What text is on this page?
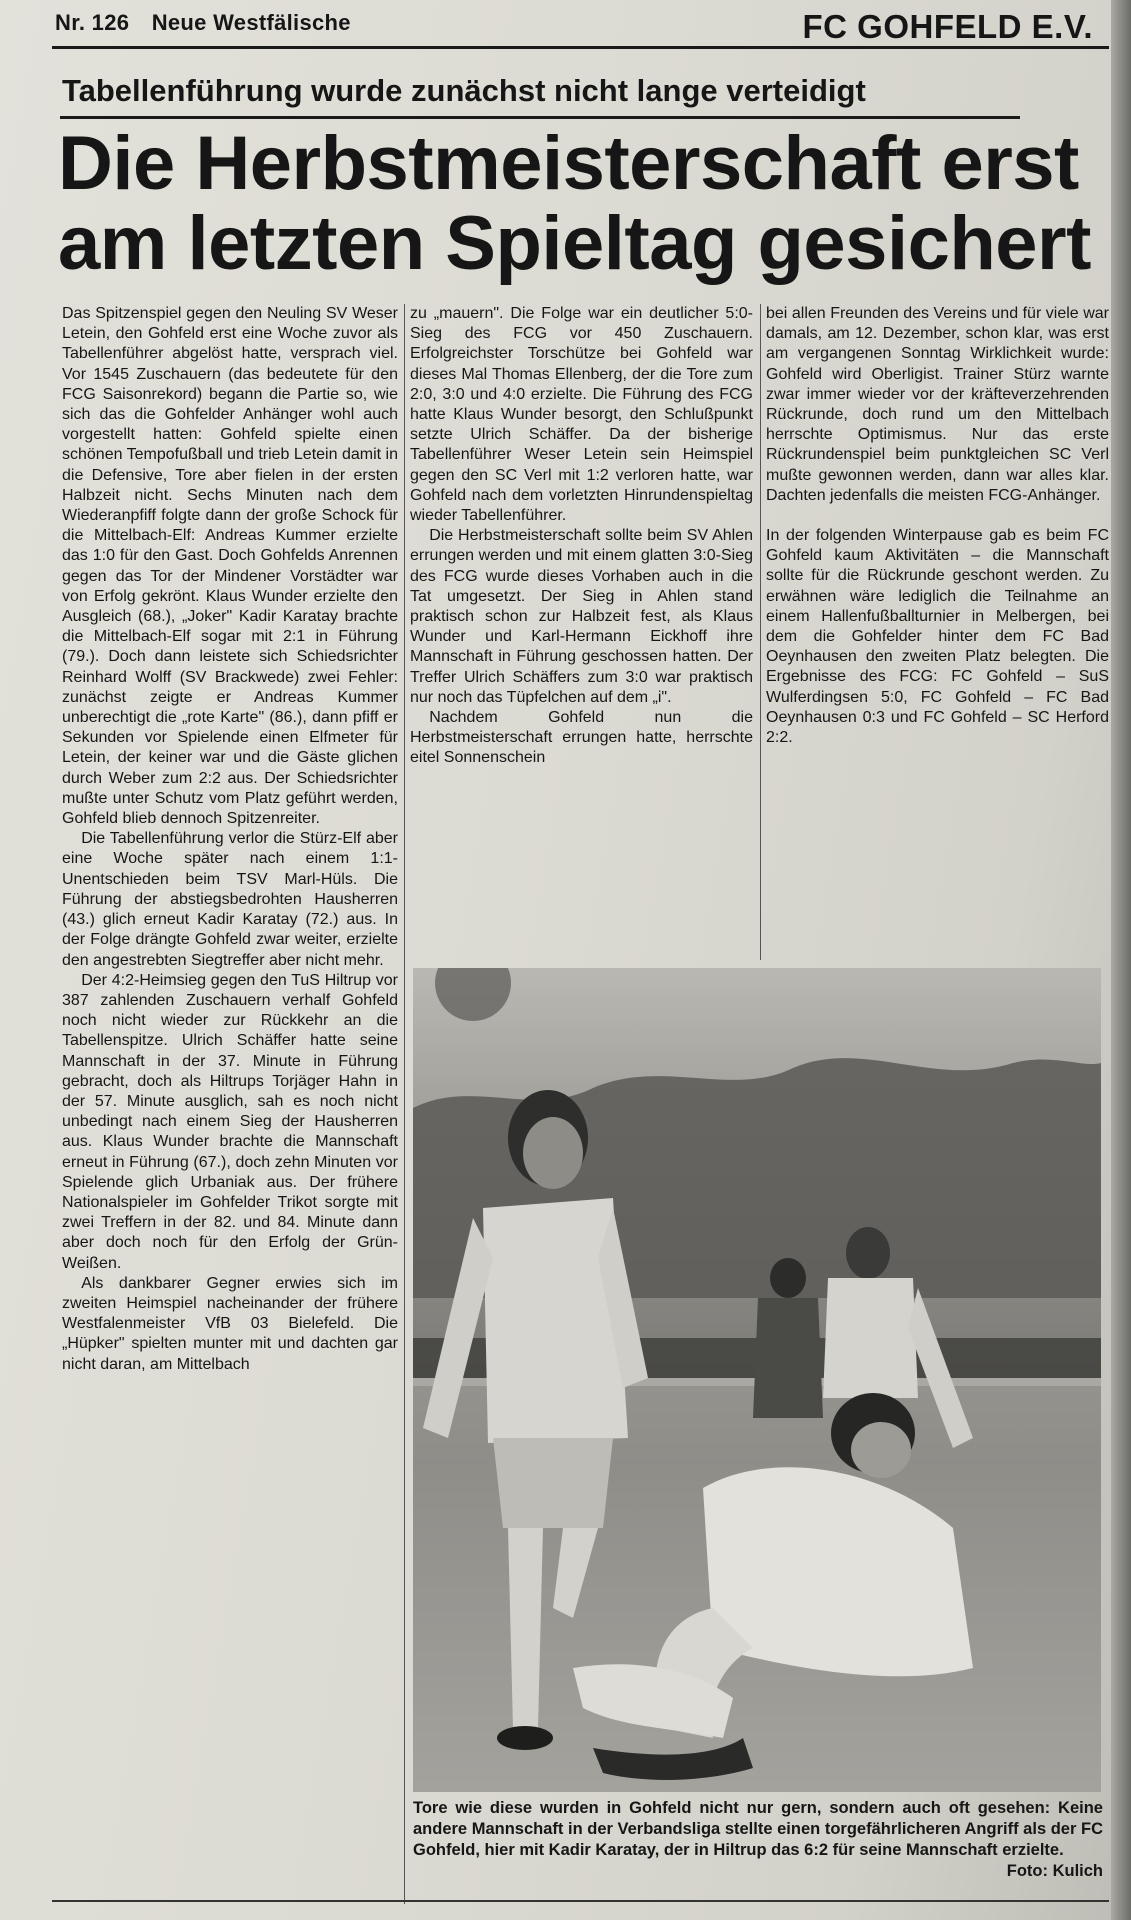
Nr. 126 Neue Westfälische	FC GOHFELD E.V.
Tabellenführung wurde zunächst nicht lange verteidigt
Die Herbstmeisterschaft erst
am letzten Spieltag gesichert

Das Spitzenspiel gegen den Neuling SV Weser Letein, den Gohfeld erst eine Woche zuvor als Tabellenführer abgelöst hatte, versprach viel. Vor 1545 Zuschauern (das bedeutete für den FCG Saisonrekord) begann die Partie so, wie sich das die Gohfelder Anhänger wohl auch vorgestellt hatten: Gohfeld spielte einen schönen Tempofußball und trieb Letein damit in die Defensive, Tore aber fielen in der ersten Halbzeit nicht. Sechs Minuten nach dem Wiederanpfiff folgte dann der große Schock für die Mittelbach-Elf: Andreas Kummer erzielte das 1:0 für den Gast. Doch Gohfelds Anrennen gegen das Tor der Mindener Vorstädter war von Erfolg gekrönt. Klaus Wunder erzielte den Ausgleich (68.), „Joker" Kadir Karatay brachte die Mittelbach-Elf sogar mit 2:1 in Führung (79.). Doch dann leistete sich Schiedsrichter Reinhard Wolff (SV Brackwede) zwei Fehler: zunächst zeigte er Andreas Kummer unberechtigt die „rote Karte" (86.), dann pfiff er Sekunden vor Spielende einen Elfmeter für Letein, der keiner war und die Gäste glichen durch Weber zum 2:2 aus. Der Schiedsrichter mußte unter Schutz vom Platz geführt werden, Gohfeld blieb dennoch Spitzenreiter.

Die Tabellenführung verlor die Stürz-Elf aber eine Woche später nach einem 1:1-Unentschieden beim TSV Marl-Hüls. Die Führung der abstiegsbedrohten Hausherren (43.) glich erneut Kadir Karatay (72.) aus. In der Folge drängte Gohfeld zwar weiter, erzielte den angestrebten Siegtreffer aber nicht mehr.

Der 4:2-Heimsieg gegen den TuS Hiltrup vor 387 zahlenden Zuschauern verhalf Gohfeld noch nicht wieder zur Rückkehr an die Tabellenspitze. Ulrich Schäffer hatte seine Mannschaft in der 37. Minute in Führung gebracht, doch als Hiltrups Torjäger Hahn in der 57. Minute ausglich, sah es noch nicht unbedingt nach einem Sieg der Hausherren aus. Klaus Wunder brachte die Mannschaft erneut in Führung (67.), doch zehn Minuten vor Spielende glich Urbaniak aus. Der frühere Nationalspieler im Gohfelder Trikot sorgte mit zwei Treffern in der 82. und 84. Minute dann aber doch noch für den Erfolg der Grün-Weißen.

Als dankbarer Gegner erwies sich im zweiten Heimspiel nacheinander der frühere Westfalenmeister VfB 03 Bielefeld. Die „Hüpker" spielten munter mit und dachten gar nicht daran, am Mittelbach

zu „mauern". Die Folge war ein deutlicher 5:0-Sieg des FCG vor 450 Zuschauern. Erfolgreichster Torschütze bei Gohfeld war dieses Mal Thomas Ellenberg, der die Tore zum 2:0, 3:0 und 4:0 erzielte. Die Führung des FCG hatte Klaus Wunder besorgt, den Schlußpunkt setzte Ulrich Schäffer. Da der bisherige Tabellenführer Weser Letein sein Heimspiel gegen den SC Verl mit 1:2 verloren hatte, war Gohfeld nach dem vorletzten Hinrundenspieltag wieder Tabellenführer.

Die Herbstmeisterschaft sollte beim SV Ahlen errungen werden und mit einem glatten 3:0-Sieg des FCG wurde dieses Vorhaben auch in die Tat umgesetzt. Der Sieg in Ahlen stand praktisch schon zur Halbzeit fest, als Klaus Wunder und Karl-Hermann Eickhoff ihre Mannschaft in Führung geschossen hatten. Der Treffer Ulrich Schäffers zum 3:0 war praktisch nur noch das Tüpfelchen auf dem „i".

Nachdem Gohfeld nun die Herbstmeisterschaft errungen hatte, herrschte eitel Sonnenschein

bei allen Freunden des Vereins und für viele war damals, am 12. Dezember, schon klar, was erst am vergangenen Sonntag Wirklichkeit wurde: Gohfeld wird Oberligist. Trainer Stürz warnte zwar immer wieder vor der kräfteverzehrenden Rückrunde, doch rund um den Mittelbach herrschte Optimismus. Nur das erste Rückrundenspiel beim punktgleichen SC Verl mußte gewonnen werden, dann war alles klar. Dachten jedenfalls die meisten FCG-Anhänger.

In der folgenden Winterpause gab es beim FC Gohfeld kaum Aktivitäten – die Mannschaft sollte für die Rückrunde geschont werden. Zu erwähnen wäre lediglich die Teilnahme an einem Hallenfußballturnier in Melbergen, bei dem die Gohfelder hinter dem FC Bad Oeynhausen den zweiten Platz belegten. Die Ergebnisse des FCG: FC Gohfeld – SuS Wulferdingsen 5:0, FC Gohfeld – FC Bad Oeynhausen 0:3 und FC Gohfeld – SC Herford 2:2.

Tore wie diese wurden in Gohfeld nicht nur gern, sondern auch oft gesehen: Keine andere Mannschaft in der Verbandsliga stellte einen torgefährlicheren Angriff als der FC Gohfeld, hier mit Kadir Karatay, der in Hiltrup das 6:2 für seine Mannschaft erzielte.
Foto: Kulich
